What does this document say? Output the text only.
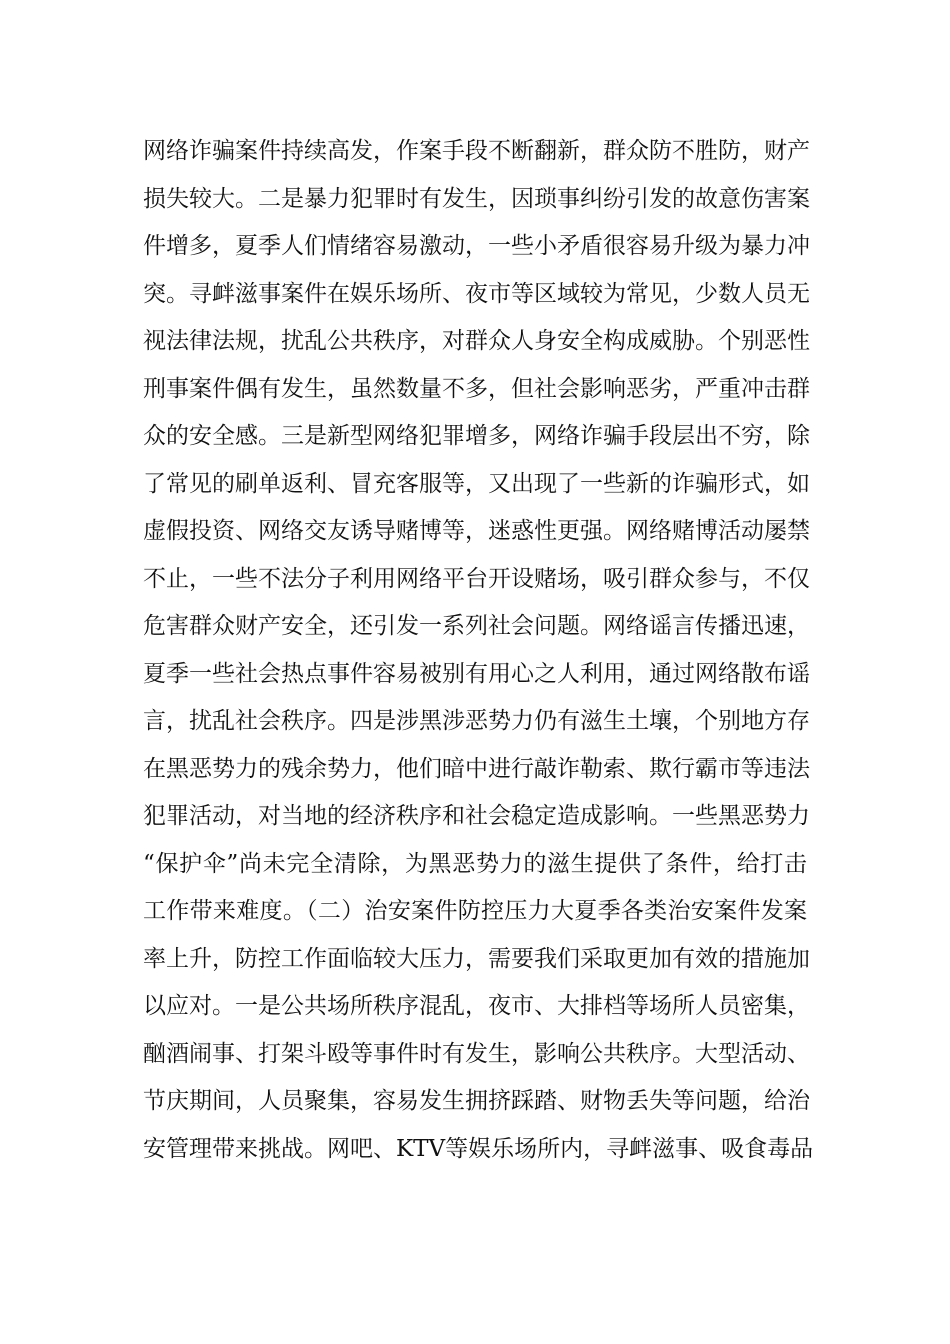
网络诈骗案件持续高发，作案手段不断翻新，群众防不胜防，财产
损失较大。二是暴力犯罪时有发生，因琐事纠纷引发的故意伤害案
件增多，夏季人们情绪容易激动，一些小矛盾很容易升级为暴力冲
突。寻衅滋事案件在娱乐场所、夜市等区域较为常见，少数人员无
视法律法规，扰乱公共秩序，对群众人身安全构成威胁。个别恶性
刑事案件偶有发生，虽然数量不多，但社会影响恶劣，严重冲击群
众的安全感。三是新型网络犯罪增多，网络诈骗手段层出不穷，除
了常见的刷单返利、冒充客服等，又出现了一些新的诈骗形式，如
虚假投资、网络交友诱导赌博等，迷惑性更强。网络赌博活动屡禁
不止，一些不法分子利用网络平台开设赌场，吸引群众参与，不仅
危害群众财产安全，还引发一系列社会问题。网络谣言传播迅速，
夏季一些社会热点事件容易被别有用心之人利用，通过网络散布谣
言，扰乱社会秩序。四是涉黑涉恶势力仍有滋生土壤，个别地方存
在黑恶势力的残余势力，他们暗中进行敲诈勒索、欺行霸市等违法
犯罪活动，对当地的经济秩序和社会稳定造成影响。一些黑恶势力
“保护伞”尚未完全清除，为黑恶势力的滋生提供了条件，给打击
工作带来难度。（二）治安案件防控压力大夏季各类治安案件发案
率上升，防控工作面临较大压力，需要我们采取更加有效的措施加
以应对。一是公共场所秩序混乱，夜市、大排档等场所人员密集，
酗酒闹事、打架斗殴等事件时有发生，影响公共秩序。大型活动、
节庆期间，人员聚集，容易发生拥挤踩踏、财物丢失等问题，给治
安管理带来挑战。网吧、KTV等娱乐场所内，寻衅滋事、吸食毒品
